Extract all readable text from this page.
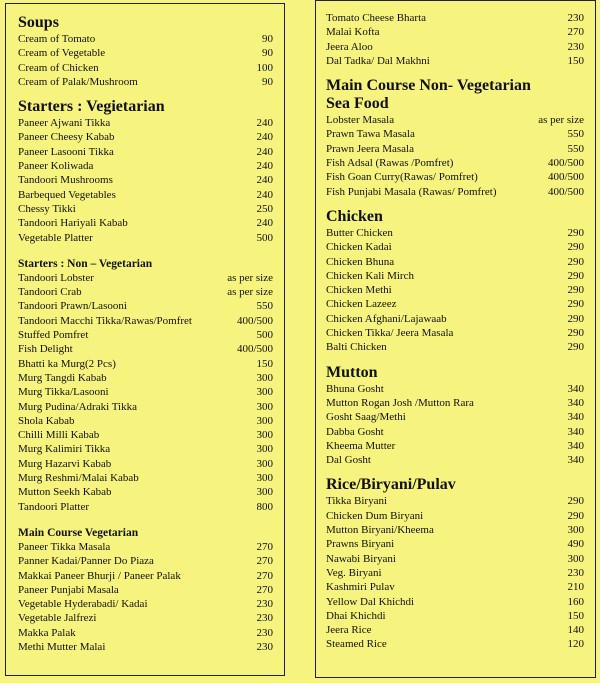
Soups
Cream of Tomato	90
Cream of Vegetable	90
Cream of Chicken	100
Cream of Palak/Mushroom	90
Starters : Vegietarian
Paneer Ajwani Tikka	240
Paneer Cheesy Kabab	240
Paneer Lasooni Tikka	240
Paneer Koliwada	240
Tandoori Mushrooms	240
Barbequed Vegetables	240
Chessy Tikki	250
Tandoori Hariyali Kabab	240
Vegetable Platter	500
Starters : Non – Vegetarian
Tandoori Lobster	as per size
Tandoori Crab	as per size
Tandoori Prawn/Lasooni	550
Tandoori Macchi Tikka/Rawas/Pomfret	400/500
Stuffed Pomfret	500
Fish Delight	400/500
Bhatti ka Murg(2 Pcs)	150
Murg Tangdi Kabab	300
Murg Tikka/Lasooni	300
Murg Pudina/Adraki Tikka	300
Shola Kabab	300
Chilli Milli Kabab	300
Murg Kalimiri Tikka	300
Murg Hazarvi Kabab	300
Murg Reshmi/Malai Kabab	300
Mutton Seekh Kabab	300
Tandoori Platter	800
Main Course Vegetarian
Paneer Tikka Masala	270
Panner Kadai/Panner Do Piaza	270
Makkai Paneer Bhurji / Paneer Palak	270
Paneer Punjabi Masala	270
Vegetable Hyderabadi/ Kadai	230
Vegetable Jalfrezi	230
Makka Palak	230
Methi Mutter Malai	230
Tomato Cheese Bharta	230
Malai Kofta	270
Jeera Aloo	230
Dal Tadka/ Dal Makhni	150
Main Course Non- Vegetarian
Sea Food
Lobster Masala	as per size
Prawn Tawa Masala	550
Prawn Jeera Masala	550
Fish Adsal (Rawas /Pomfret)	400/500
Fish Goan Curry(Rawas/ Pomfret)	400/500
Fish Punjabi Masala (Rawas/ Pomfret)	400/500
Chicken
Butter Chicken	290
Chicken Kadai	290
Chicken Bhuna	290
Chicken Kali Mirch	290
Chicken Methi	290
Chicken Lazeez	290
Chicken Afghani/Lajawaab	290
Chicken Tikka/ Jeera Masala	290
Balti Chicken	290
Mutton
Bhuna Gosht	340
Mutton Rogan Josh /Mutton Rara	340
Gosht Saag/Methi	340
Dabba Gosht	340
Kheema Mutter	340
Dal Gosht	340
Rice/Biryani/Pulav
Tikka Biryani	290
Chicken Dum Biryani	290
Mutton Biryani/Kheema	300
Prawns Biryani	490
Nawabi Biryani	300
Veg. Biryani	230
Kashmiri Pulav	210
Yellow Dal Khichdi	160
Dhai Khichdi	150
Jeera Rice	140
Steamed Rice	120
